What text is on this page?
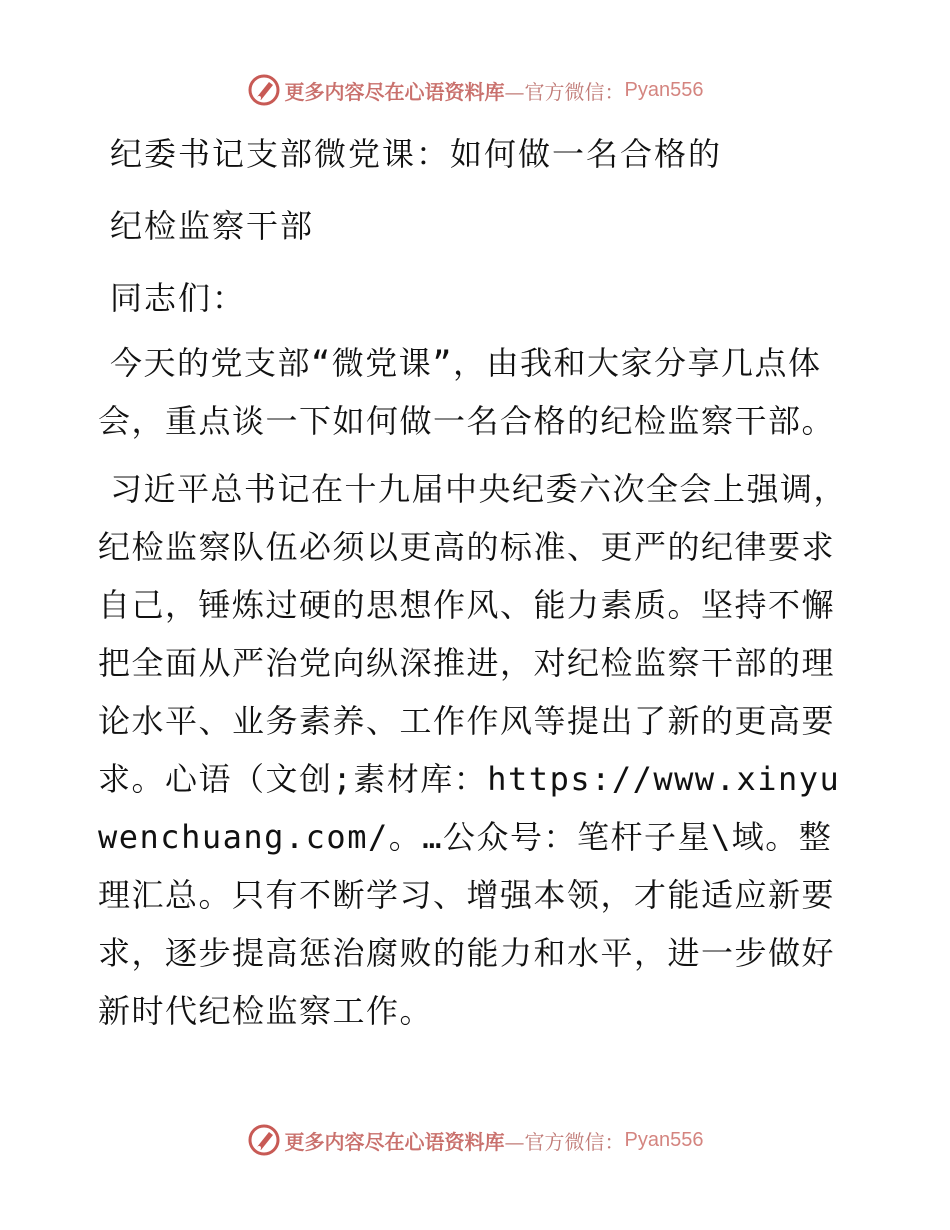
更多内容尽在心语资料库 —官方微信： Pyan556

纪委书记支部微党课：如何做一名合格的

纪检监察干部

同志们：

今天的党支部“微党课”，由我和大家分享几点体会，重点谈一下如何做一名合格的纪检监察干部。

习近平总书记在十九届中央纪委六次全会上强调，纪检监察队伍必须以更高的标准、更严的纪律要求自己，锤炼过硬的思想作风、能力素质。坚持不懈把全面从严治党向纵深推进，对纪检监察干部的理论水平、业务素养、工作作风等提出了新的更高要求。心语（文创;素材库：https://www.xinyuwenchuang.com/。…公众号：笔杆子星\域。整理汇总。只有不断学习、增强本领，才能适应新要求，逐步提高惩治腐败的能力和水平，进一步做好新时代纪检监察工作。

更多内容尽在心语资料库 —官方微信： Pyan556
